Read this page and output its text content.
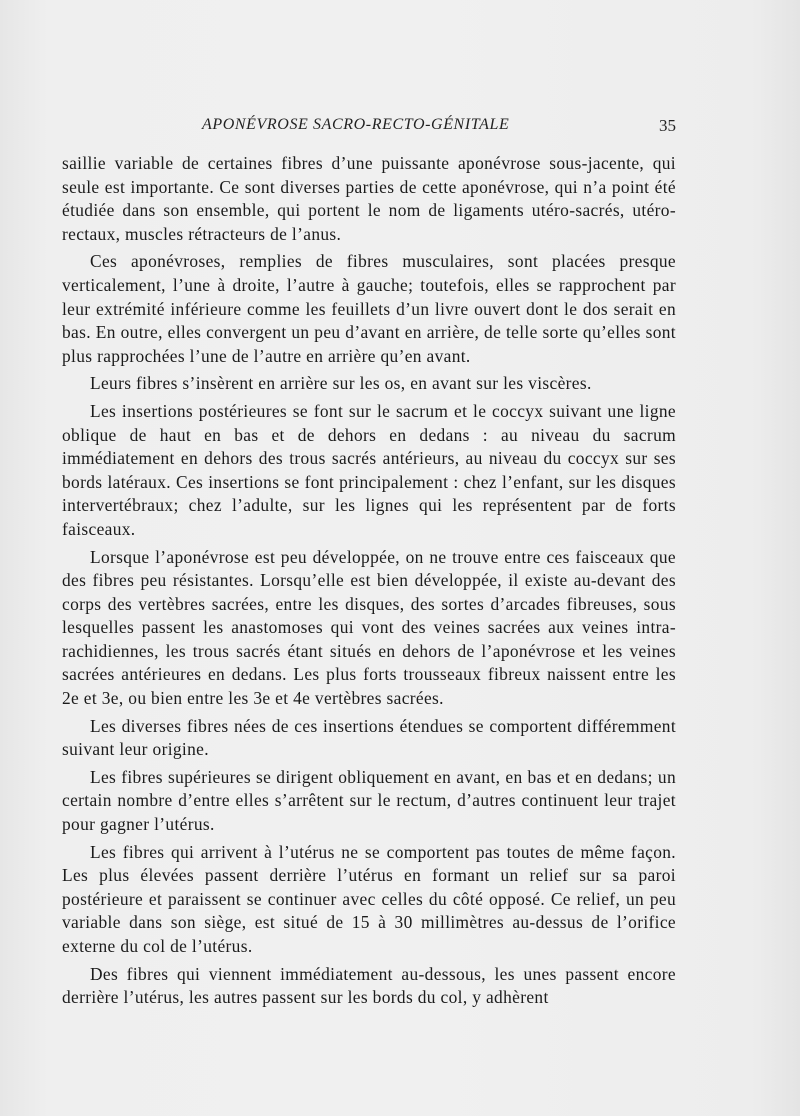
APONÉVROSE SACRO-RECTO-GÉNITALE	35

saillie variable de certaines fibres d’une puissante aponévrose sous-jacente, qui seule est importante. Ce sont diverses parties de cette aponévrose, qui n’a point été étudiée dans son ensemble, qui portent le nom de ligaments utéro-sacrés, utéro-rectaux, muscles rétracteurs de l’anus.

Ces aponévroses, remplies de fibres musculaires, sont placées presque verticalement, l’une à droite, l’autre à gauche; toutefois, elles se rapprochent par leur extrémité inférieure comme les feuillets d’un livre ouvert dont le dos serait en bas. En outre, elles convergent un peu d’avant en arrière, de telle sorte qu’elles sont plus rapprochées l’une de l’autre en arrière qu’en avant.

Leurs fibres s’insèrent en arrière sur les os, en avant sur les viscères.

Les insertions postérieures se font sur le sacrum et le coccyx suivant une ligne oblique de haut en bas et de dehors en dedans : au niveau du sacrum immédiatement en dehors des trous sacrés antérieurs, au niveau du coccyx sur ses bords latéraux. Ces insertions se font principalement : chez l’enfant, sur les disques intervertébraux; chez l’adulte, sur les lignes qui les représentent par de forts faisceaux.

Lorsque l’aponévrose est peu développée, on ne trouve entre ces faisceaux que des fibres peu résistantes. Lorsqu’elle est bien développée, il existe au-devant des corps des vertèbres sacrées, entre les disques, des sortes d’arcades fibreuses, sous lesquelles passent les anastomoses qui vont des veines sacrées aux veines intra-rachidiennes, les trous sacrés étant situés en dehors de l’aponévrose et les veines sacrées antérieures en dedans. Les plus forts trousseaux fibreux naissent entre les 2e et 3e, ou bien entre les 3e et 4e vertèbres sacrées.

Les diverses fibres nées de ces insertions étendues se comportent différemment suivant leur origine.

Les fibres supérieures se dirigent obliquement en avant, en bas et en dedans; un certain nombre d’entre elles s’arrêtent sur le rectum, d’autres continuent leur trajet pour gagner l’utérus.

Les fibres qui arrivent à l’utérus ne se comportent pas toutes de même façon. Les plus élevées passent derrière l’utérus en formant un relief sur sa paroi postérieure et paraissent se continuer avec celles du côté opposé. Ce relief, un peu variable dans son siège, est situé de 15 à 30 millimètres au-dessus de l’orifice externe du col de l’utérus.

Des fibres qui viennent immédiatement au-dessous, les unes passent encore derrière l’utérus, les autres passent sur les bords du col, y adhèrent
